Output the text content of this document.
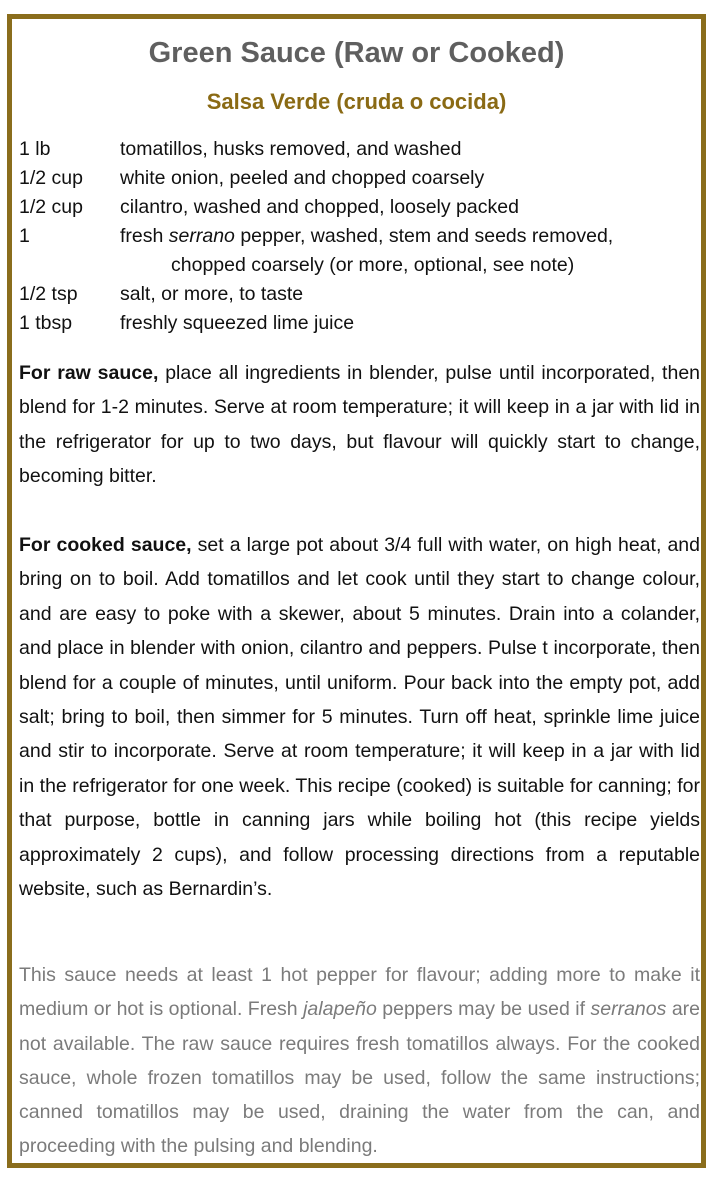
Green Sauce (Raw or Cooked)
Salsa Verde (cruda o cocida)
1 lb	tomatillos, husks removed, and washed
1/2 cup white onion, peeled and chopped coarsely
1/2 cup cilantro, washed and chopped, loosely packed
1	fresh serrano pepper, washed, stem and seeds removed,
chopped coarsely (or more, optional, see note)
1/2 tsp salt, or more, to taste
1 tbsp freshly squeezed lime juice
For raw sauce, place all ingredients in blender, pulse until incorporated, then blend for 1-2 minutes. Serve at room temperature; it will keep in a jar with lid in the refrigerator for up to two days, but flavour will quickly start to change, becoming bitter.
For cooked sauce, set a large pot about 3/4 full with water, on high heat, and bring on to boil. Add tomatillos and let cook until they start to change colour, and are easy to poke with a skewer, about 5 minutes. Drain into a colander, and place in blender with onion, cilantro and peppers. Pulse t incorporate, then blend for a couple of minutes, until uniform. Pour back into the empty pot, add salt; bring to boil, then simmer for 5 minutes. Turn off heat, sprinkle lime juice and stir to incorporate. Serve at room temperature; it will keep in a jar with lid in the refrigerator for one week. This recipe (cooked) is suitable for canning; for that purpose, bottle in canning jars while boiling hot (this recipe yields approximately 2 cups), and follow processing directions from a reputable website, such as Bernardin’s.
This sauce needs at least 1 hot pepper for flavour; adding more to make it medium or hot is optional. Fresh jalapeño peppers may be used if serranos are not available. The raw sauce requires fresh tomatillos always. For the cooked sauce, whole frozen tomatillos may be used, follow the same instructions; canned tomatillos may be used, draining the water from the can, and proceeding with the pulsing and blending.
